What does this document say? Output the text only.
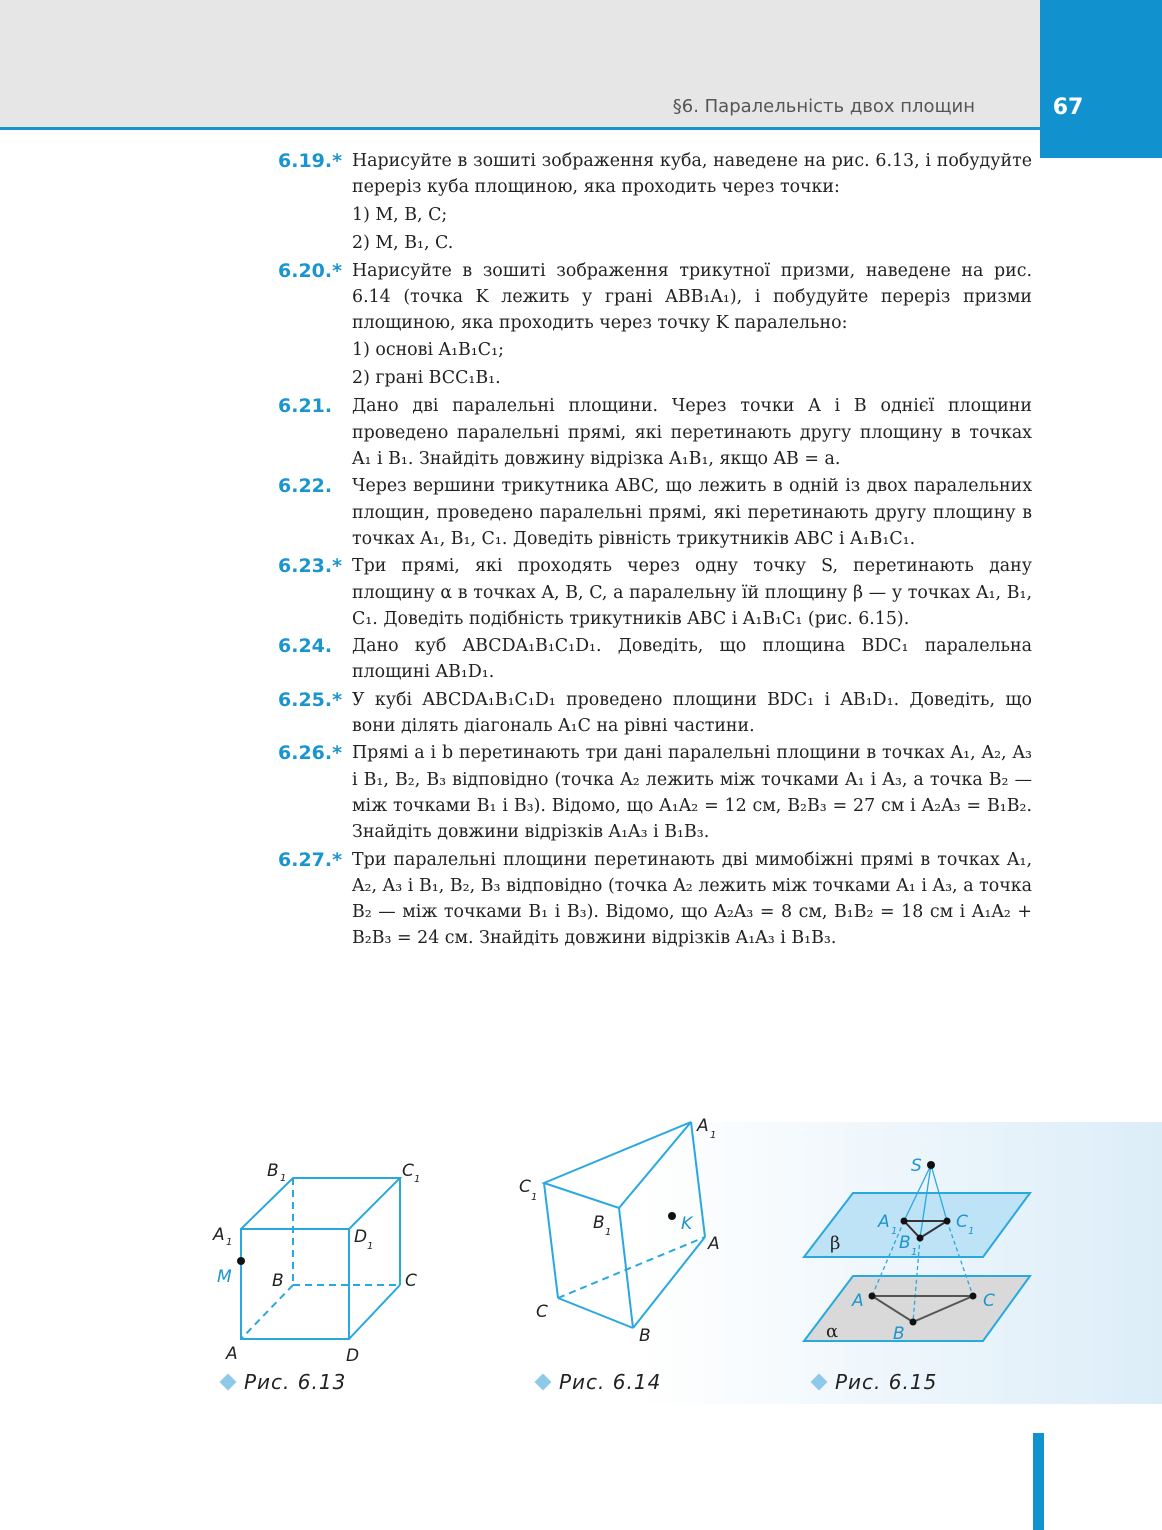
67
§6. Паралельність двох площин
6.19.* Нарисуйте в зошиті зображення куба, наведене на рис. 6.13, і побудуйте переріз куба площиною, яка проходить через точки:
1) M, B, C;
2) M, B₁, C.
6.20.* Нарисуйте в зошиті зображення трикутної призми, наведене на рис. 6.14 (точка K лежить у грані ABB₁A₁), і побудуйте переріз призми площиною, яка проходить через точку K паралельно:
1) основі A₁B₁C₁;
2) грані BCC₁B₁.
6.21. Дано дві паралельні площини. Через точки A і B однієї площини проведено паралельні прямі, які перетинають другу площину в точках A₁ і B₁. Знайдіть довжину відрізка A₁B₁, якщо AB = a.
6.22. Через вершини трикутника ABC, що лежить в одній із двох паралельних площин, проведено паралельні прямі, які перетинають другу площину в точках A₁, B₁, C₁. Доведіть рівність трикутників ABC і A₁B₁C₁.
6.23.* Три прямі, які проходять через одну точку S, перетинають дану площину α в точках A, B, C, а паралельну їй площину β — у точках A₁, B₁, C₁. Доведіть подібність трикутників ABC і A₁B₁C₁ (рис. 6.15).
6.24. Дано куб ABCDA₁B₁C₁D₁. Доведіть, що площина BDC₁ паралельна площині AB₁D₁.
6.25.* У кубі ABCDA₁B₁C₁D₁ проведено площини BDC₁ і AB₁D₁. Доведіть, що вони ділять діагональ A₁C на рівні частини.
6.26.* Прямі a і b перетинають три дані паралельні площини в точках A₁, A₂, A₃ і B₁, B₂, B₃ відповідно (точка A₂ лежить між точками A₁ і A₃, а точка B₂ — між точками B₁ і B₃). Відомо, що A₁A₂ = 12 см, B₂B₃ = 27 см і A₂A₃ = B₁B₂. Знайдіть довжини відрізків A₁A₃ і B₁B₃.
6.27.* Три паралельні площини перетинають дві мимобіжні прямі в точках A₁, A₂, A₃ і B₁, B₂, B₃ відповідно (точка A₂ лежить між точками A₁ і A₃, а точка B₂ — між точками B₁ і B₃). Відомо, що A₂A₃ = 8 см, B₁B₂ = 18 см і A₁A₂ + B₂B₃ = 24 см. Знайдіть довжини відрізків A₁A₃ і B₁B₃.
A	D
B	C
A 1
B 1	C 1
D 1
M
A 1
C
1
B 1	K
A
C
B
S
A 1
B 1
C 1
β
A	C
B
α
Рис. 6.13	Рис. 6.14	Рис. 6.15
